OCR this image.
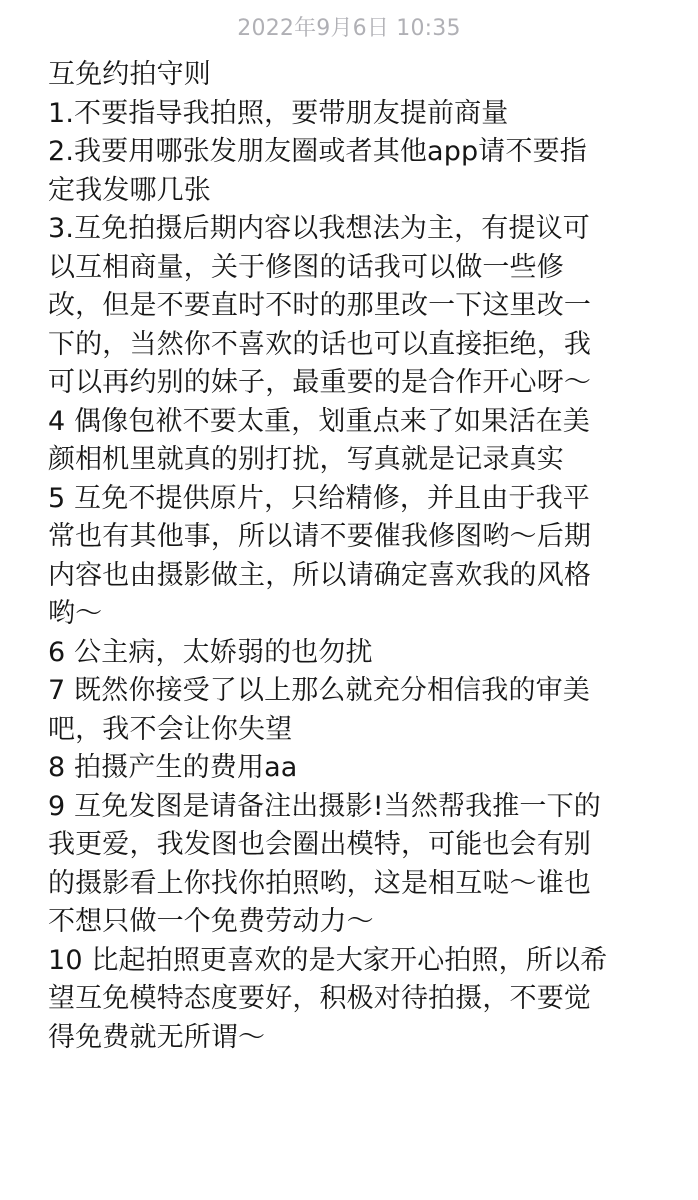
2022年9月6日 10:35
互免约拍守则
1.不要指导我拍照，要带朋友提前商量
2.我要用哪张发朋友圈或者其他app请不要指
定我发哪几张
3.互免拍摄后期内容以我想法为主，有提议可
以互相商量，关于修图的话我可以做一些修
改，但是不要直时不时的那里改一下这里改一
下的，当然你不喜欢的话也可以直接拒绝，我
可以再约别的妹子，最重要的是合作开心呀～
4 偶像包袱不要太重，划重点来了如果活在美
颜相机里就真的别打扰，写真就是记录真实
5 互免不提供原片，只给精修，并且由于我平
常也有其他事，所以请不要催我修图哟～后期
内容也由摄影做主，所以请确定喜欢我的风格
哟～
6 公主病，太娇弱的也勿扰
7 既然你接受了以上那么就充分相信我的审美
吧，我不会让你失望
8 拍摄产生的费用aa
9 互免发图是请备注出摄影!当然帮我推一下的
我更爱，我发图也会圈出模特，可能也会有别
的摄影看上你找你拍照哟，这是相互哒～谁也
不想只做一个免费劳动力～
10 比起拍照更喜欢的是大家开心拍照，所以希
望互免模特态度要好，积极对待拍摄，不要觉
得免费就无所谓～
